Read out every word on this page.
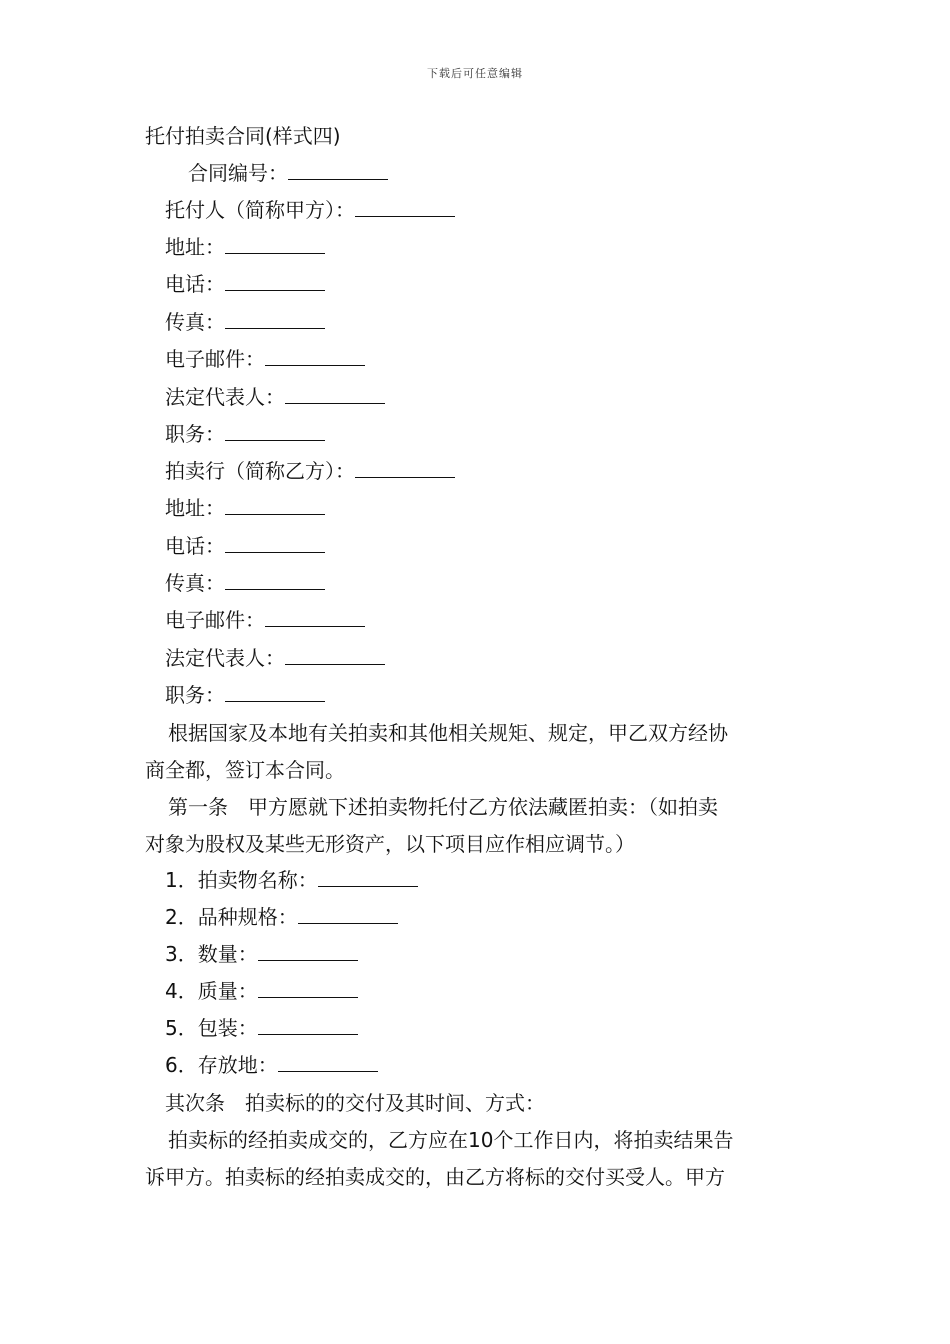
下载后可任意编辑
托付拍卖合同(样式四)
合同编号：
托付人（简称甲方）：
地址：
电话：
传真：
电子邮件：
法定代表人：
职务：
拍卖行（简称乙方）：
地址：
电话：
传真：
电子邮件：
法定代表人：
职务：
根据国家及本地有关拍卖和其他相关规矩、规定，甲乙双方经协
商全都，签订本合同。
第一条　甲方愿就下述拍卖物托付乙方依法藏匿拍卖：（如拍卖
对象为股权及某些无形资产，以下项目应作相应调节。）
1．拍卖物名称：
2．品种规格：
3．数量：
4．质量：
5．包装：
6．存放地：
其次条　拍卖标的的交付及其时间、方式：
拍卖标的经拍卖成交的，乙方应在10个工作日内，将拍卖结果告
诉甲方。拍卖标的经拍卖成交的，由乙方将标的交付买受人。甲方
